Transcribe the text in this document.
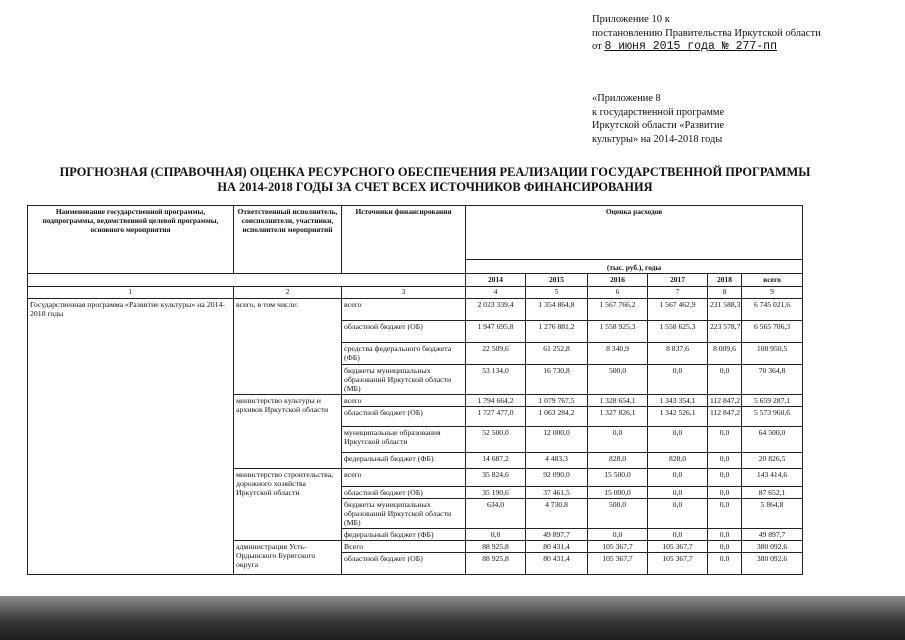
Приложение 10 к
постановлению Правительства Иркутской области
от 8 июня 2015 года № 277-пп
«Приложение 8
к государственной программе
Иркутской области «Развитие
культуры» на 2014-2018 годы
ПРОГНОЗНАЯ (СПРАВОЧНАЯ) ОЦЕНКА РЕСУРСНОГО ОБЕСПЕЧЕНИЯ РЕАЛИЗАЦИИ ГОСУДАРСТВЕННОЙ ПРОГРАММЫ
НА 2014-2018 ГОДЫ ЗА СЧЕТ ВСЕХ ИСТОЧНИКОВ ФИНАНСИРОВАНИЯ
Наименование государственной программы, подпрограммы, ведомственной целевой программы, основного мероприятия	Ответственный исполнитель, соисполнители, участники, исполнители мероприятий	Источники финансирования	Оценка расходов					
			(тыс. руб.), годы					
			2014	2015	2016	2017	2018	всего
1	2	3	4	5	6	7	8	9
Государственная программа «Развитие культуры» на 2014-2018 годы	всего, в том числе:	всего	2 023 339,4	1 354 864,8	1 567 766,2	1 567 462,9	231 588,3	6 745 021,6
		областной бюджет (ОБ)	1 947 695,8	1 276 881,2	1 558 925,3	1 558 625,3	223 578,7	6 565 706,3
		средства федерального бюджета (ФБ)	22 509,6	61 252,8	8 340,9	8 837,6	8 009,6	108 950,5
		бюджеты муниципальных образований Иркутской области (МБ)	53 134,0	16 730,8	500,0	0,0	0,0	70 364,8
	министерство культуры и архивов Иркутской области	всего	1 794 664,2	1 079 767,5	1 328 654,1	1 343 354,1	112 847,2	5 659 287,1
		областной бюджет (ОБ)	1 727 477,0	1 063 284,2	1 327 826,1	1 342 526,1	112 847,2	5 573 960,6
		муниципальные образования Иркутской области	52 500,0	12 000,0	0,0	0,0	0,0	64 500,0
		федеральный бюджет (ФБ)	14 687,2	4 483,3	828,0	828,0	0,0	20 826,5
	министерство строительства, дорожного хозяйства Иркутской области	всего	35 824,6	92 090,0	15 500,0	0,0	0,0	143 414,6
		областной бюджет (ОБ)	35 190,6	37 461,5	15 000,0	0,0	0,0	87 652,1
		бюджеты муниципальных образований Иркутской области (МБ)	634,0	4 730,8	500,0	0,0	0,0	5 864,8
		федеральный бюджет (ФБ)	0,0	49 897,7	0,0	0,0	0,0	49 897,7
	администрация Усть-Ордынского Бурятского округа	Всего	88 925,8	80 431,4	105 367,7	105 367,7	0,0	380 092,6
		областной бюджет (ОБ)	88 925,8	80 431,4	105 367,7	105 367,7	0,0	380 092,6
